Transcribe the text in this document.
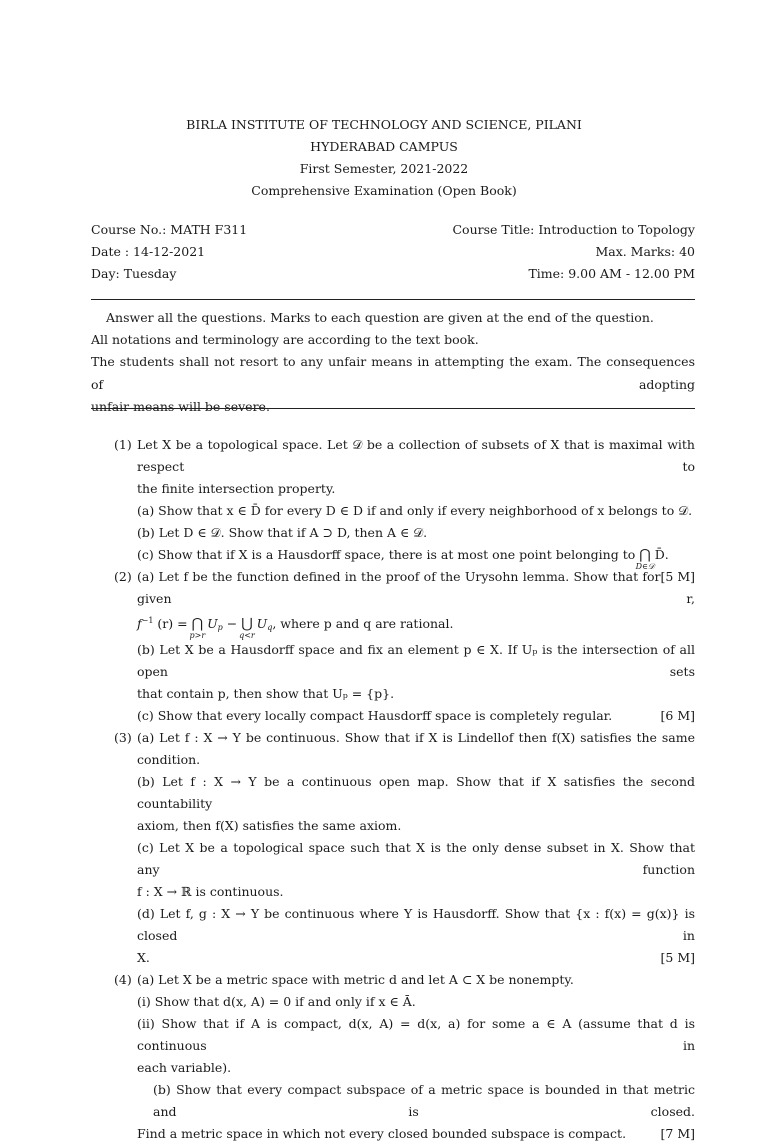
BIRLA INSTITUTE OF TECHNOLOGY AND SCIENCE, PILANI
HYDERABAD CAMPUS
First Semester, 2021-2022
Comprehensive Examination (Open Book)
Course No.: MATH F311	Course Title: Introduction to Topology
Date : 14-12-2021	Max. Marks: 40
Day: Tuesday	Time: 9.00 AM - 12.00 PM
Answer all the questions. Marks to each question are given at the end of the question.
All notations and terminology are according to the text book.
The students shall not resort to any unfair means in attempting the exam. The consequences of adopting
unfair means will be severe.
(1) Let X be a topological space. Let 𝒟 be a collection of subsets of X that is maximal with respect to
the finite intersection property.
(a) Show that x ∈ D̄ for every D ∈ D if and only if every neighborhood of x belongs to 𝒟.
(b) Let D ∈ 𝒟. Show that if A ⊃ D, then A ∈ 𝒟.
(c) Show that if X is a Hausdorff space, there is at most one point belonging to ⋂
D∈𝒟
D̄.
[5 M]
(2) (a) Let f be the function defined in the proof of the Urysohn lemma. Show that for given r,
$f^{-1}$ (r) = ⋂
p>r
$U_p$ − ⋃
q<r
$U_q$, where p and q are rational.
(b) Let X be a Hausdorff space and fix an element p ∈ X. If Uₚ is the intersection of all open sets
that contain p, then show that Uₚ = {p}.
(c) Show that every locally compact Hausdorff space is completely regular.	[6 M]
(3) (a) Let f : X → Y be continuous. Show that if X is Lindellof then f(X) satisfies the same condition.
(b) Let f : X → Y be a continuous open map. Show that if X satisfies the second countability
axiom, then f(X) satisfies the same axiom.
(c) Let X be a topological space such that X is the only dense subset in X. Show that any function
f : X → ℝ is continuous.
(d) Let f, g : X → Y be continuous where Y is Hausdorff. Show that {x : f(x) = g(x)} is closed in
X.	[5 M]
(4) (a) Let X be a metric space with metric d and let A ⊂ X be nonempty.
(i) Show that d(x, A) = 0 if and only if x ∈ Ā.
(ii) Show that if A is compact, d(x, A) = d(x, a) for some a ∈ A (assume that d is continuous in
each variable).
(b) Show that every compact subspace of a metric space is bounded in that metric and is closed.
Find a metric space in which not every closed bounded subspace is compact.	[7 M]
